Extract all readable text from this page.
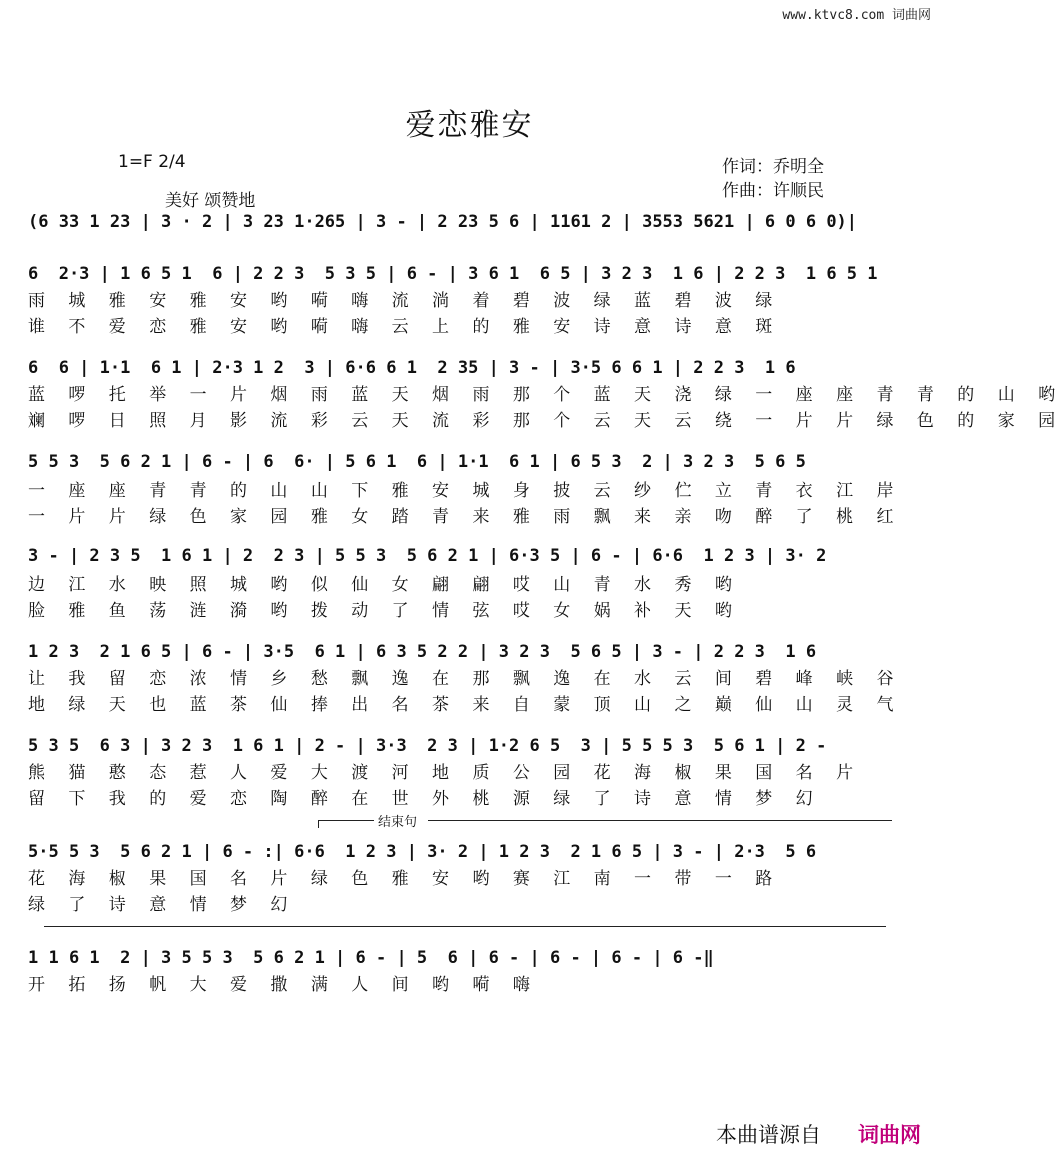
www.ktvc8.com 词曲网
爱恋雅安
1=F 2/4	作词：乔明全
作曲：许顺民
美好 颂赞地
(6 33 1 23 | 3 · 2 | 3 23 1·265 | 3 - | 2 23 5 6 | 1161 2 | 3553 5621 | 6 0 6 0)|
6  2·3 | 1 6 5 1  6 | 2 2 3  5 3 5 | 6 - | 3 6 1  6 5 | 3 2 3  1 6 | 2 2 3  1 6 5 1
雨 城 雅 安 雅 安 哟 嗬 嗨 流 淌 着 碧 波 绿 蓝 碧 波 绿
谁 不 爱 恋 雅 安 哟 嗬 嗨 云 上 的 雅 安 诗 意 诗 意 斑
6  6 | 1·1  6 1 | 2·3 1 2  3 | 6·6 6 1  2 35 | 3 - | 3·5 6 6 1 | 2 2 3  1 6
蓝 啰 托 举 一 片 烟 雨 蓝 天 烟 雨 那 个 蓝 天 浇 绿 一 座 座 青 青 的 山 哟
斓 啰 日 照 月 影 流 彩 云 天 流 彩 那 个 云 天 云 绕 一 片 片 绿 色 的 家 园
5 5 3  5 6 2 1 | 6 - | 6  6· | 5 6 1  6 | 1·1  6 1 | 6 5 3  2 | 3 2 3  5 6 5
一 座 座 青 青 的 山 山 下 雅 安 城 身 披 云 纱 伫 立 青 衣 江 岸
一 片 片 绿 色 家 园 雅 女 踏 青 来 雅 雨 飘 来 亲 吻 醉 了 桃 红
3 - | 2 3 5  1 6 1 | 2  2 3 | 5 5 3  5 6 2 1 | 6·3 5 | 6 - | 6·6  1 2 3 | 3· 2
边 江 水 映 照 城 哟 似 仙 女 翩 翩 哎 山 青 水 秀 哟
脸 雅 鱼 荡 涟 漪 哟 拨 动 了 情 弦 哎 女 娲 补 天 哟
1 2 3  2 1 6 5 | 6 - | 3·5  6 1 | 6 3 5 2 2 | 3 2 3  5 6 5 | 3 - | 2 2 3  1 6
让 我 留 恋 浓 情 乡 愁 飘 逸 在 那 飘 逸 在 水 云 间 碧 峰 峡 谷
地 绿 天 也 蓝 茶 仙 捧 出 名 茶 来 自 蒙 顶 山 之 巅 仙 山 灵 气
5 3 5  6 3 | 3 2 3  1 6 1 | 2 - | 3·3  2 3 | 1·2 6 5  3 | 5 5 5 3  5 6 1 | 2 -
熊 猫 憨 态 惹 人 爱 大 渡 河 地 质 公 园 花 海 椒 果 国 名 片
留 下 我 的 爱 恋 陶 醉 在 世 外 桃 源 绿 了 诗 意 情 梦 幻
结束句
5·5 5 3  5 6 2 1 | 6 - :| 6·6  1 2 3 | 3· 2 | 1 2 3  2 1 6 5 | 3 - | 2·3  5 6
花 海 椒 果 国 名 片 绿 色 雅 安 哟 赛 江 南 一 带 一 路
绿 了 诗 意 情 梦 幻
1 1 6 1  2 | 3 5 5 3  5 6 2 1 | 6 - | 5  6 | 6 - | 6 - | 6 - | 6 -‖
开 拓 扬 帆 大 爱 撒 满 人 间 哟 嗬 嗨
本曲谱源自 词曲网
